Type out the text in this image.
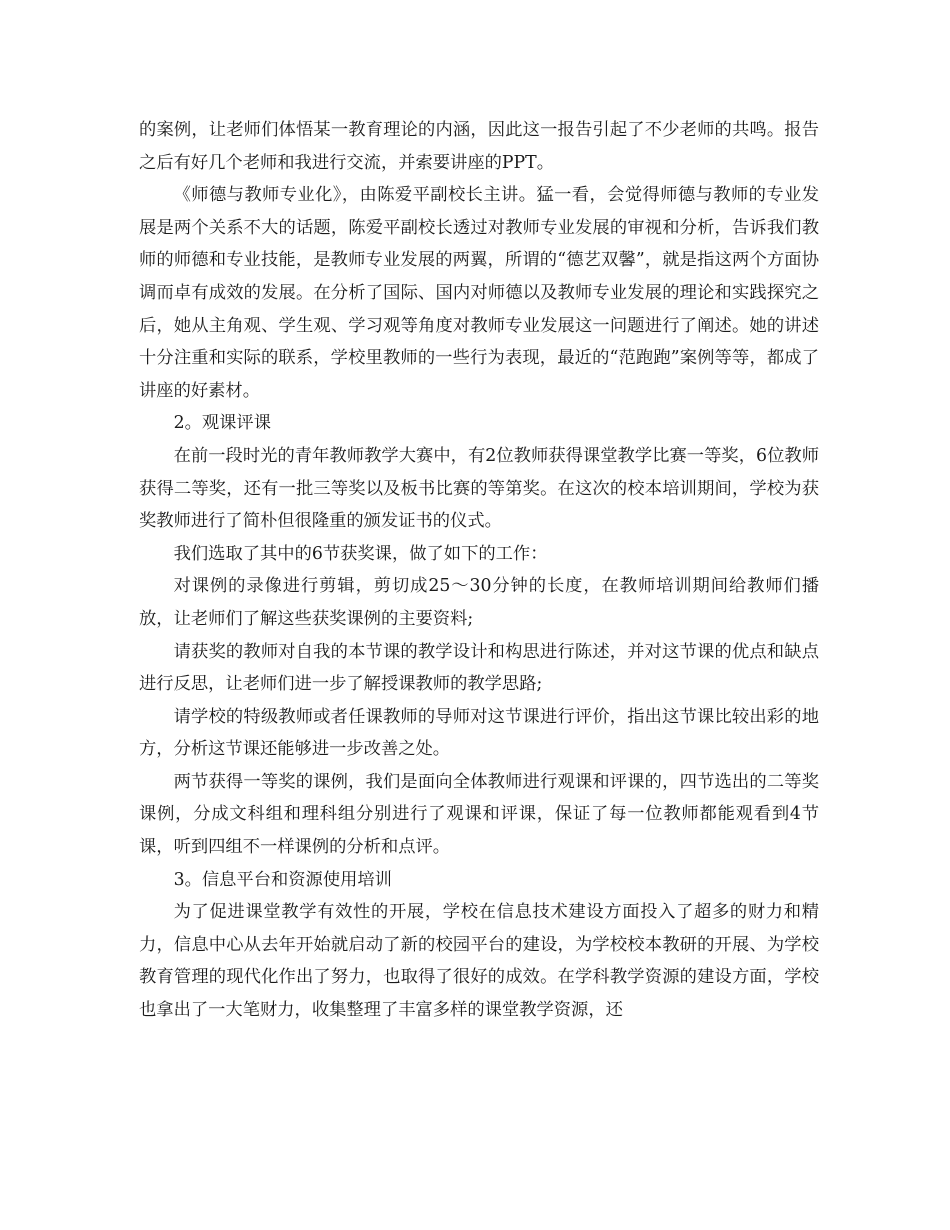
的案例，让老师们体悟某一教育理论的内涵，因此这一报告引起了不少老师的共鸣。报告之后有好几个老师和我进行交流，并索要讲座的PPT。

《师德与教师专业化》，由陈爱平副校长主讲。猛一看，会觉得师德与教师的专业发展是两个关系不大的话题，陈爱平副校长透过对教师专业发展的审视和分析，告诉我们教师的师德和专业技能，是教师专业发展的两翼，所谓的“德艺双馨”，就是指这两个方面协调而卓有成效的发展。在分析了国际、国内对师德以及教师专业发展的理论和实践探究之后，她从主角观、学生观、学习观等角度对教师专业发展这一问题进行了阐述。她的讲述十分注重和实际的联系，学校里教师的一些行为表现，最近的“范跑跑”案例等等，都成了讲座的好素材。

2。观课评课

在前一段时光的青年教师教学大赛中，有2位教师获得课堂教学比赛一等奖，6位教师获得二等奖，还有一批三等奖以及板书比赛的等第奖。在这次的校本培训期间，学校为获奖教师进行了简朴但很隆重的颁发证书的仪式。

我们选取了其中的6节获奖课，做了如下的工作：

对课例的录像进行剪辑，剪切成25～30分钟的长度，在教师培训期间给教师们播放，让老师们了解这些获奖课例的主要资料;

请获奖的教师对自我的本节课的教学设计和构思进行陈述，并对这节课的优点和缺点进行反思，让老师们进一步了解授课教师的教学思路;

请学校的特级教师或者任课教师的导师对这节课进行评价，指出这节课比较出彩的地方，分析这节课还能够进一步改善之处。

两节获得一等奖的课例，我们是面向全体教师进行观课和评课的，四节选出的二等奖课例，分成文科组和理科组分别进行了观课和评课，保证了每一位教师都能观看到4节课，听到四组不一样课例的分析和点评。

3。信息平台和资源使用培训

为了促进课堂教学有效性的开展，学校在信息技术建设方面投入了超多的财力和精力，信息中心从去年开始就启动了新的校园平台的建设，为学校校本教研的开展、为学校教育管理的现代化作出了努力，也取得了很好的成效。在学科教学资源的建设方面，学校也拿出了一大笔财力，收集整理了丰富多样的课堂教学资源，还
